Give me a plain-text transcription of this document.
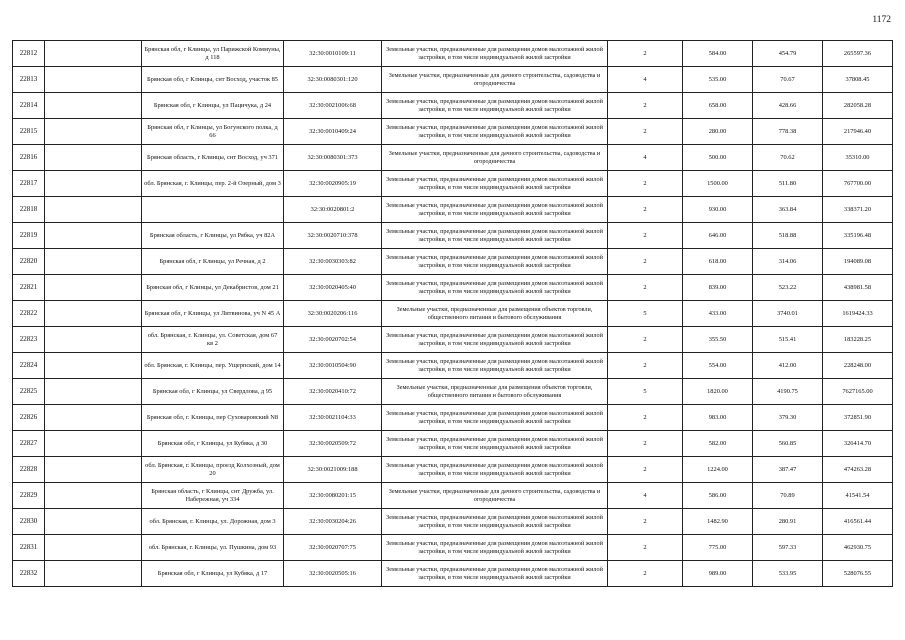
1172
22812		Брянская обл, г Клинцы, ул Парижской Коммуны, д 118	32:30:0010109:11	Земельные участки, предназначенные для размещения домов малоэтажной жилой застройки, в том числе индивидуальной жилой застройки	2	584.00	454.79	265597.36
22813		Брянская обл, г Клинцы, снт Восход, участок 85	32:30:0080301:120	Земельные участки, предназначенные для дачного строительства, садоводства и огородничества	4	535.00	70.67	37808.45
22814		Брянская обл, г Клинцы, ул Пацичука, д 24	32:30:0021006:68	Земельные участки, предназначенные для размещения домов малоэтажной жилой застройки, в том числе индивидуальной жилой застройки	2	658.00	428.66	282058.28
22815		Брянская обл, г Клинцы, ул Богунского полка, д 66	32:30:0010409:24	Земельные участки, предназначенные для размещения домов малоэтажной жилой застройки, в том числе индивидуальной жилой застройки	2	280.00	778.38	217946.40
22816		Брянская область, г Клинцы, снт Восход, уч 371	32:30:0080301:373	Земельные участки, предназначенные для дачного строительства, садоводства и огородничества	4	500.00	70.62	35310.00
22817		обл. Брянская, г. Клинцы, пер. 2-й Озерный, дом 3	32:30:0020905:19	Земельные участки, предназначенные для размещения домов малоэтажной жилой застройки, в том числе индивидуальной жилой застройки	2	1500.00	511.80	767700.00
22818			32:30:0020801:2	Земельные участки, предназначенные для размещения домов малоэтажной жилой застройки, в том числе индивидуальной жилой застройки	2	930.00	363.84	338371.20
22819		Брянская область, г Клинцы, ул Рябка, уч 82А	32:30:0020710:378	Земельные участки, предназначенные для размещения домов малоэтажной жилой застройки, в том числе индивидуальной жилой застройки	2	646.00	518.88	335196.48
22820		Брянская обл, г Клинцы, ул Речная, д 2	32:30:0030303:82	Земельные участки, предназначенные для размещения домов малоэтажной жилой застройки, в том числе индивидуальной жилой застройки	2	618.00	314.06	194089.08
22821		Брянская обл, г Клинцы, ул Декабристов, дом 21	32:30:0020405:40	Земельные участки, предназначенные для размещения домов малоэтажной жилой застройки, в том числе индивидуальной жилой застройки	2	839.00	523.22	438981.58
22822		Брянская обл, г Клинцы, ул Литвинова, уч N 45 А	32:30:0020206:116	Земельные участки, предназначенные для размещения объектов торговли, общественного питания и бытового обслуживания	5	433.00	3740.01	1619424.33
22823		обл. Брянская, г. Клинцы, ул. Советская, дом 67 кв 2	32:30:0020702:54	Земельные участки, предназначенные для размещения домов малоэтажной жилой застройки, в том числе индивидуальной жилой застройки	2	355.50	515.41	183228.25
22824		обл. Брянская, г. Клинцы, пер. Ущерпский, дом 14	32:30:0010504:90	Земельные участки, предназначенные для размещения домов малоэтажной жилой застройки, в том числе индивидуальной жилой застройки	2	554.00	412.00	228248.00
22825		Брянская обл, г Клинцы, ул Свердлова, д 95	32:30:0020410:72	Земельные участки, предназначенные для размещения объектов торговли, общественного питания и бытового обслуживания	5	1820.00	4190.75	7627165.00
22826		Брянская обл, г. Клинцы, пер Суховаровский N8	32:30:0021104:33	Земельные участки, предназначенные для размещения домов малоэтажной жилой застройки, в том числе индивидуальной жилой застройки	2	983.00	379.30	372851.90
22827		Брянская обл, г Клинцы, ул Кубяка, д 30	32:30:0020509:72	Земельные участки, предназначенные для размещения домов малоэтажной жилой застройки, в том числе индивидуальной жилой застройки	2	582.00	560.85	326414.70
22828		обл. Брянская, г. Клинцы, проезд Колхозный, дом 20	32:30:0021009:188	Земельные участки, предназначенные для размещения домов малоэтажной жилой застройки, в том числе индивидуальной жилой застройки	2	1224.00	387.47	474263.28
22829		Брянская область, г Клинцы, снт Дружба, ул. Набережная, уч 334	32:30:0080201:15	Земельные участки, предназначенные для дачного строительства, садоводства и огородничества	4	586.00	70.89	41541.54
22830		обл. Брянская, г. Клинцы, ул. Дорожная, дом 3	32:30:0030204:26	Земельные участки, предназначенные для размещения домов малоэтажной жилой застройки, в том числе индивидуальной жилой застройки	2	1482.90	280.91	416561.44
22831		обл. Брянская, г. Клинцы, ул. Пушкина, дом 93	32:30:0020707:75	Земельные участки, предназначенные для размещения домов малоэтажной жилой застройки, в том числе индивидуальной жилой застройки	2	775.00	597.33	462930.75
22832		Брянская обл, г Клинцы, ул Кубяка, д 17	32:30:0020505:16	Земельные участки, предназначенные для размещения домов малоэтажной жилой застройки, в том числе индивидуальной жилой застройки	2	989.00	533.95	528076.55
